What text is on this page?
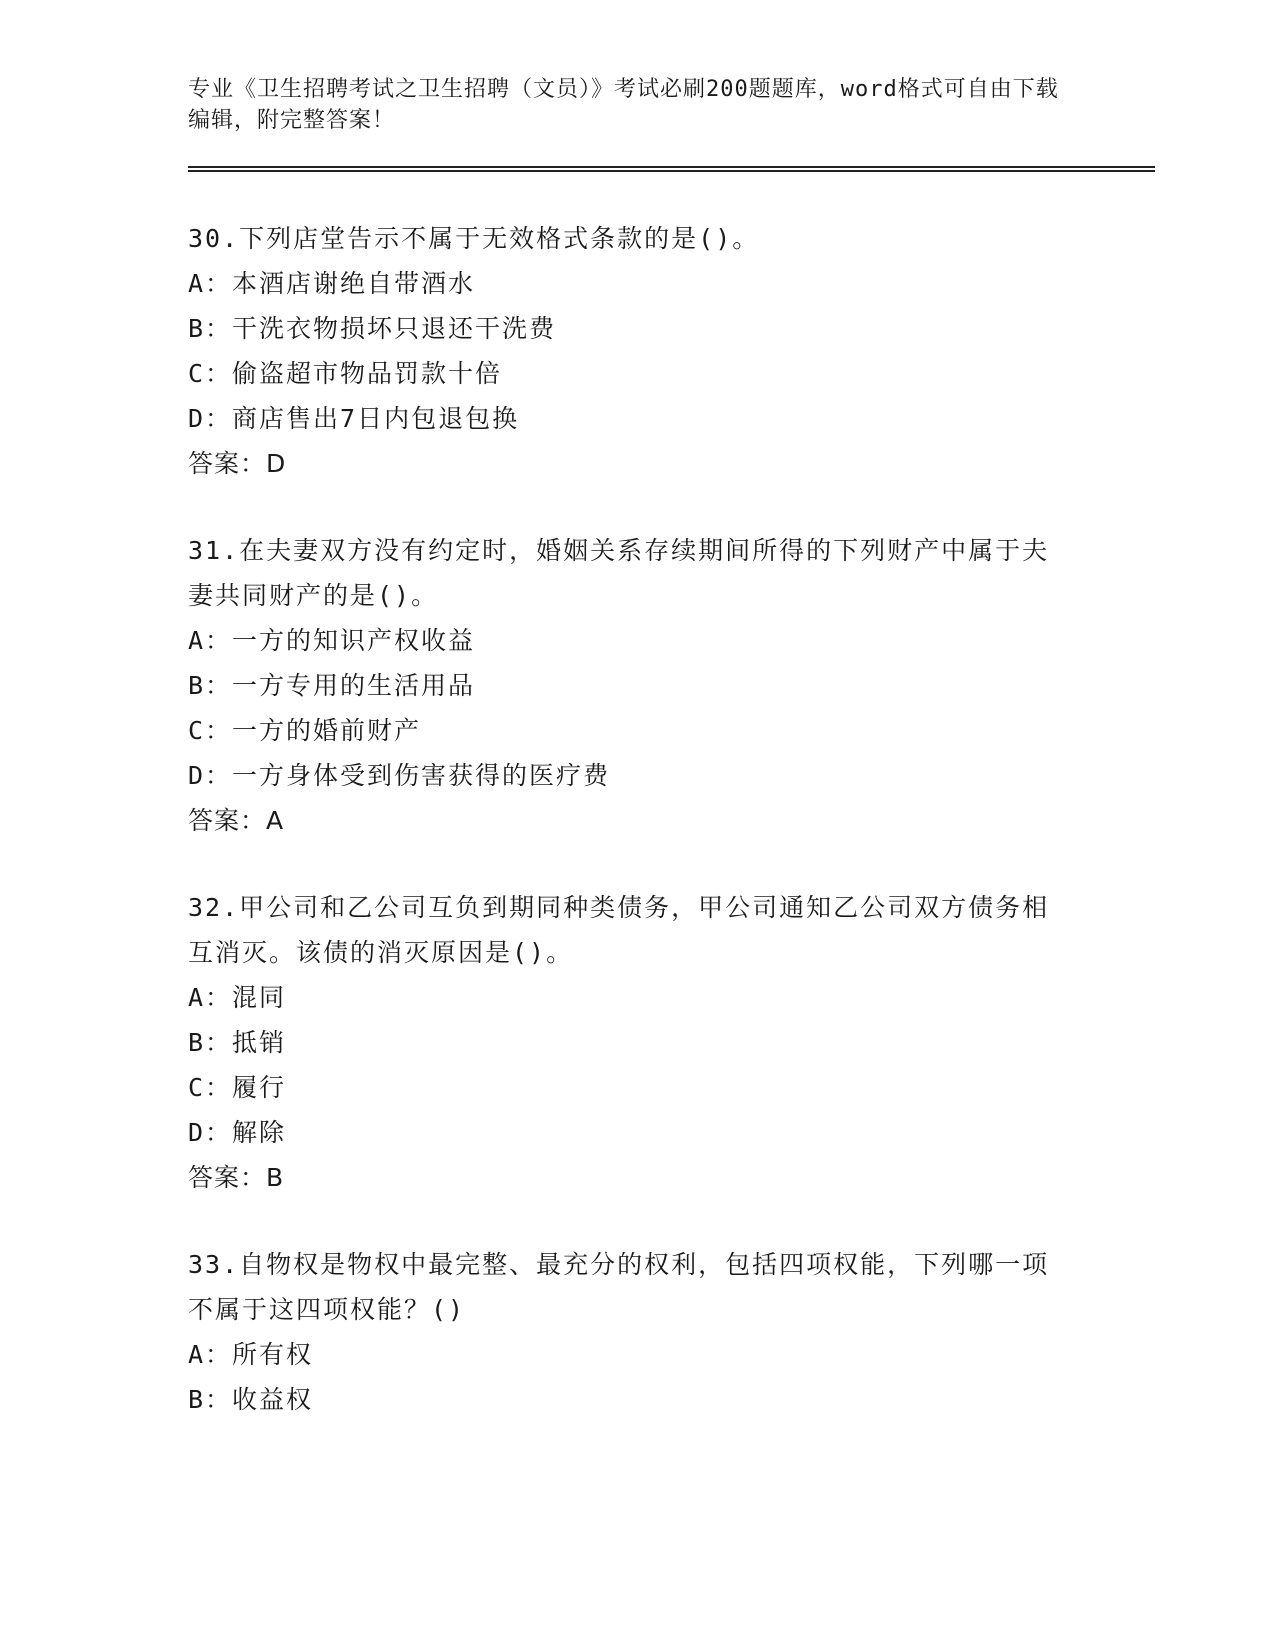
专业《卫生招聘考试之卫生招聘（文员）》考试必刷200题题库，word格式可自由下载编辑，附完整答案！
30.下列店堂告示不属于无效格式条款的是()。
A：本酒店谢绝自带酒水
B：干洗衣物损坏只退还干洗费
C：偷盗超市物品罚款十倍
D：商店售出7日内包退包换
答案：D
31.在夫妻双方没有约定时，婚姻关系存续期间所得的下列财产中属于夫妻共同财产的是()。
A：一方的知识产权收益
B：一方专用的生活用品
C：一方的婚前财产
D：一方身体受到伤害获得的医疗费
答案：A
32.甲公司和乙公司互负到期同种类债务，甲公司通知乙公司双方债务相互消灭。该债的消灭原因是()。
A：混同
B：抵销
C：履行
D：解除
答案：B
33.自物权是物权中最完整、最充分的权利，包括四项权能，下列哪一项不属于这四项权能？()
A：所有权
B：收益权
